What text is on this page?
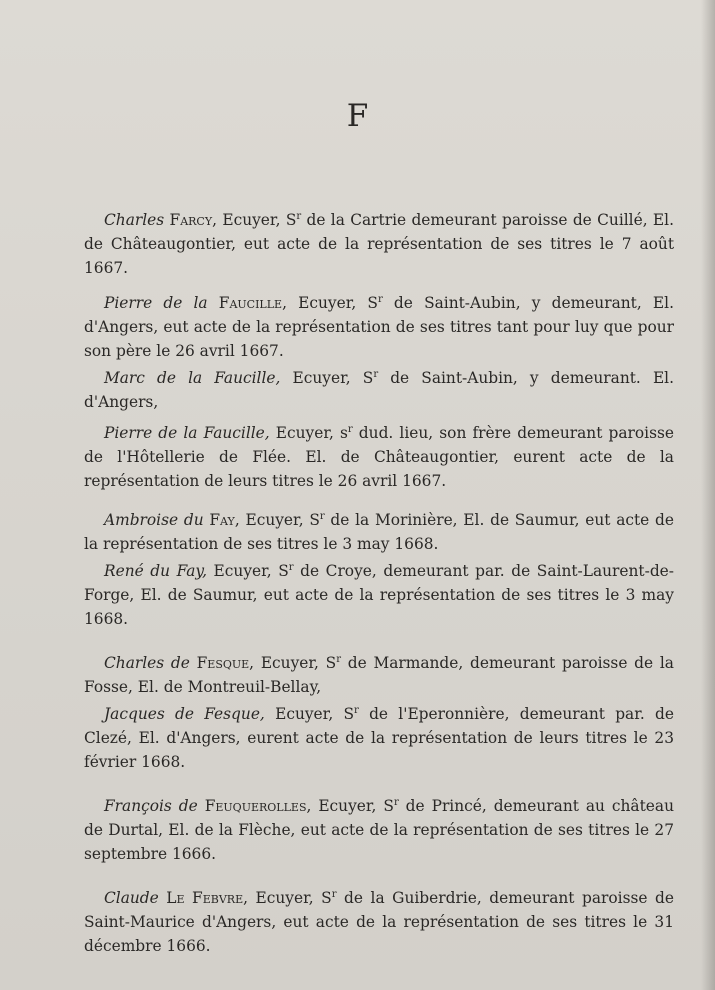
F

Charles Farcy, Ecuyer, $S^r$ de la Cartrie demeurant paroisse de Cuillé, El. de Châteaugontier, eut acte de la représentation de ses titres le 7 août 1667.

Pierre de la Faucille, Ecuyer, $S^r$ de Saint-Aubin, y demeurant, El. d'Angers, eut acte de la représentation de ses titres tant pour luy que pour son père le 26 avril 1667.

Marc de la Faucille, Ecuyer, $S^r$ de Saint-Aubin, y demeurant. El. d'Angers,

Pierre de la Faucille, Ecuyer, $s^r$ dud. lieu, son frère demeurant paroisse de l'Hôtellerie de Flée. El. de Châteaugontier, eurent acte de la représentation de leurs titres le 26 avril 1667.

Ambroise du Fay, Ecuyer, $S^r$ de la Morinière, El. de Saumur, eut acte de la représentation de ses titres le 3 may 1668.

René du Fay, Ecuyer, $S^r$ de Croye, demeurant par. de Saint-Laurent-de-Forge, El. de Saumur, eut acte de la représentation de ses titres le 3 may 1668.

Charles de Fesque, Ecuyer, $S^r$ de Marmande, demeurant paroisse de la Fosse, El. de Montreuil-Bellay,

Jacques de Fesque, Ecuyer, $S^r$ de l'Eperonnière, demeurant par. de Clezé, El. d'Angers, eurent acte de la représentation de leurs titres le 23 février 1668.

François de Feuquerolles, Ecuyer, $S^r$ de Princé, demeurant au château de Durtal, El. de la Flèche, eut acte de la représentation de ses titres le 27 septembre 1666.

Claude Le Febvre, Ecuyer, $S^r$ de la Guiberdrie, demeurant paroisse de Saint-Maurice d'Angers, eut acte de la représentation de ses titres le 31 décembre 1666.
